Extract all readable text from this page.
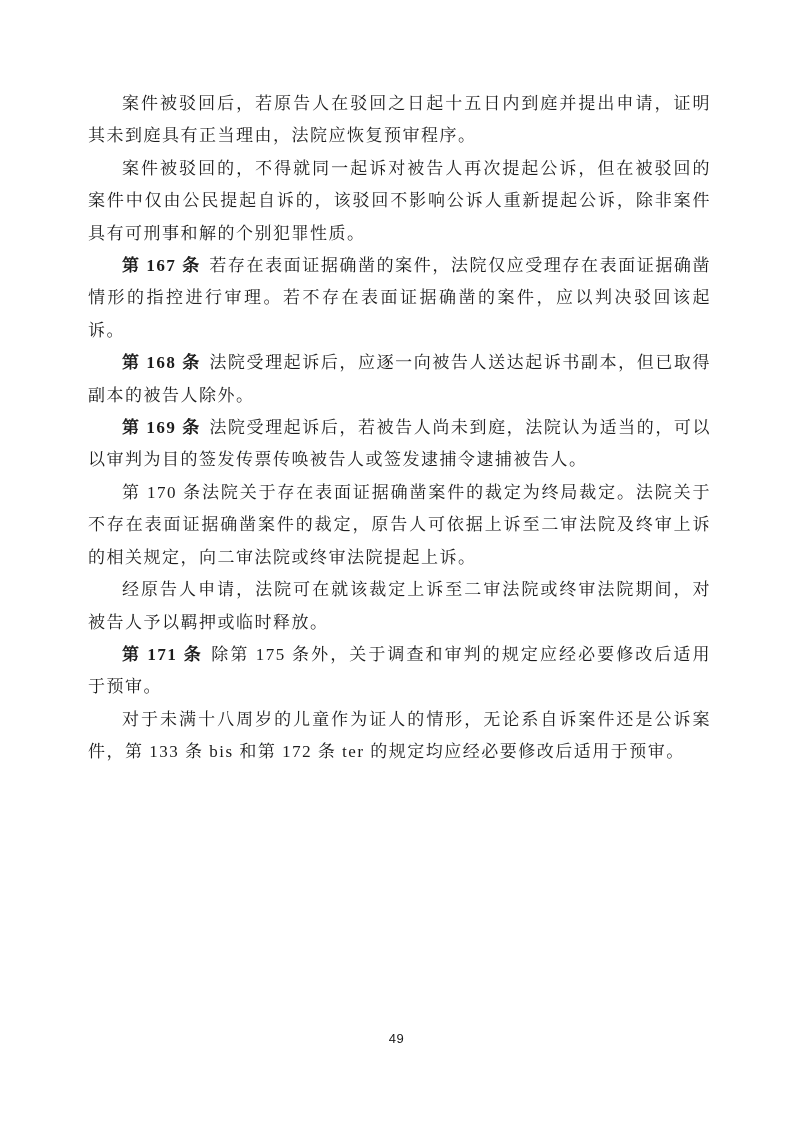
案件被驳回后，若原告人在驳回之日起十五日内到庭并提出申请，证明其未到庭具有正当理由，法院应恢复预审程序。

案件被驳回的，不得就同一起诉对被告人再次提起公诉，但在被驳回的案件中仅由公民提起自诉的，该驳回不影响公诉人重新提起公诉，除非案件具有可刑事和解的个别犯罪性质。

第 167 条 若存在表面证据确凿的案件，法院仅应受理存在表面证据确凿情形的指控进行审理。若不存在表面证据确凿的案件，应以判决驳回该起诉。

第 168 条 法院受理起诉后，应逐一向被告人送达起诉书副本，但已取得副本的被告人除外。

第 169 条 法院受理起诉后，若被告人尚未到庭，法院认为适当的，可以以审判为目的签发传票传唤被告人或签发逮捕令逮捕被告人。

第 170 条法院关于存在表面证据确凿案件的裁定为终局裁定。法院关于不存在表面证据确凿案件的裁定，原告人可依据上诉至二审法院及终审上诉的相关规定，向二审法院或终审法院提起上诉。

经原告人申请，法院可在就该裁定上诉至二审法院或终审法院期间，对被告人予以羁押或临时释放。

第 171 条 除第 175 条外，关于调查和审判的规定应经必要修改后适用于预审。

对于未满十八周岁的儿童作为证人的情形，无论系自诉案件还是公诉案件，第 133 条 bis 和第 172 条 ter 的规定均应经必要修改后适用于预审。

49
